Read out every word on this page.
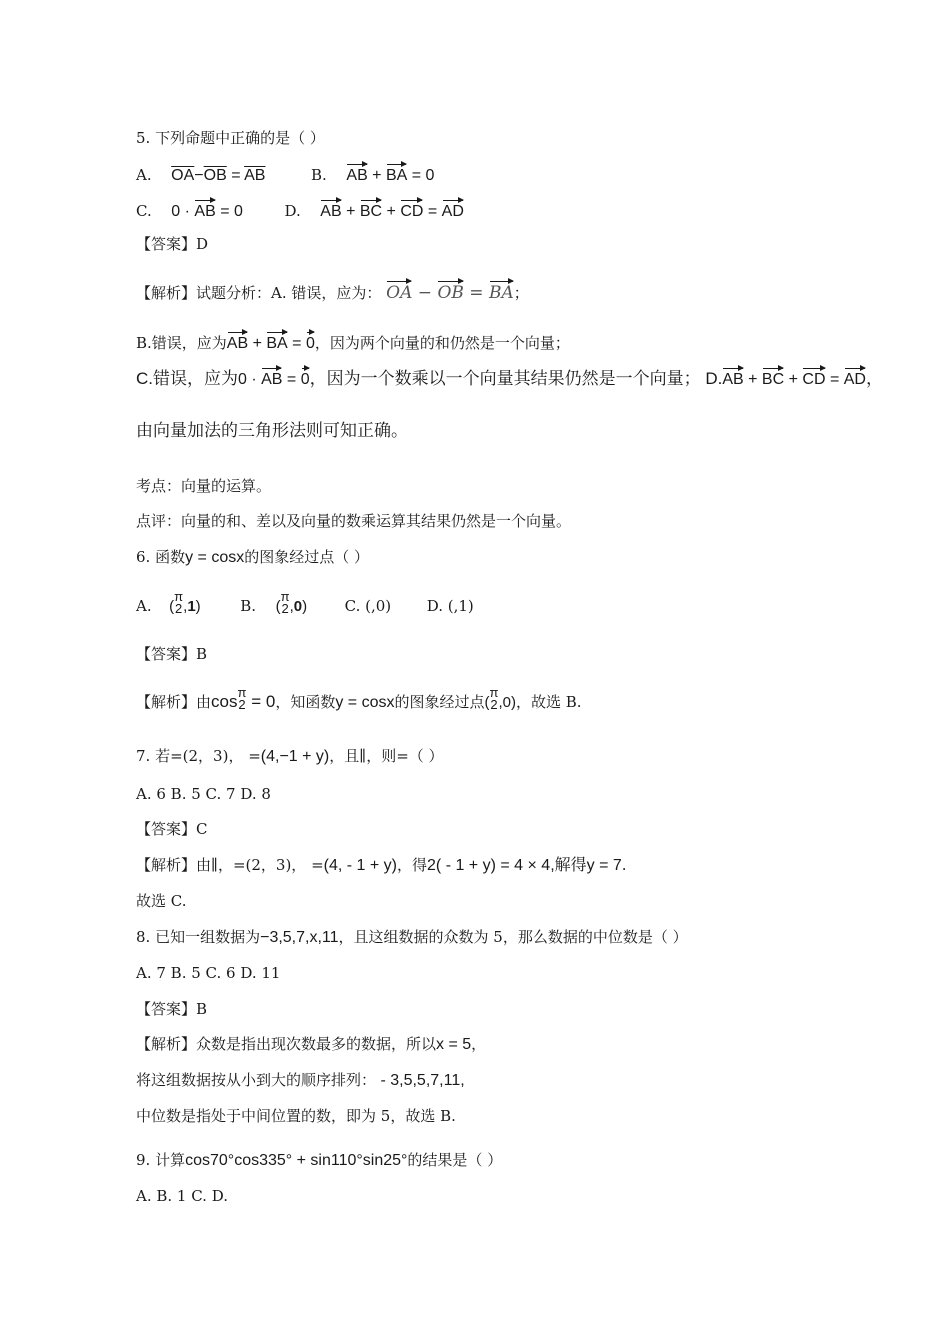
5. 下列命题中正确的是（ ）
A. $\overline{OA}-\overline{OB} = \overline{AB}$	B. AB + BA = 0
C. 0 · AB = 0	D. AB + BC + CD = AD
【答案】D
【解析】试题分析：A. 错误，应为： OA − OB = BA；
B.错误，应为AB + BA = 0，因为两个向量的和仍然是一个向量；
C.错误，应为0 · AB = 0，因为一个数乘以一个向量其结果仍然是一个向量； D.AB + BC + CD = AD，
由向量加法的三角形法则可知正确。
考点：向量的运算。
点评：向量的和、差以及向量的数乘运算其结果仍然是一个向量。
6. 函数y = cosx的图象经过点（ ）
A. (
π
2 ,1)	B. (
π
2 ,0)	C. (,0) D. (,1)
【答案】B
【解析】由cos π
2 = 0，知函数y = cosx的图象经过点(
π
2 ,0)，故选 B.
7. 若=(2，3)， =(4,−1 + y)，且∥，则=（ ）
A. 6 B. 5 C. 7 D. 8
【答案】C
【解析】由∥，=(2，3)， =(4, - 1 + y)，得2( - 1 + y) = 4 × 4,解得y = 7.
故选 C.
8. 已知一组数据为−3,5,7,x,11，且这组数据的众数为 5，那么数据的中位数是（ ）
A. 7 B. 5 C. 6 D. 11
【答案】B
【解析】众数是指出现次数最多的数据，所以x = 5，
将这组数据按从小到大的顺序排列： - 3,5,5,7,11,
中位数是指处于中间位置的数，即为 5，故选 B.
9. 计算cos70°cos335° + sin110°sin25°的结果是（ ）
A. B. 1 C. D.
